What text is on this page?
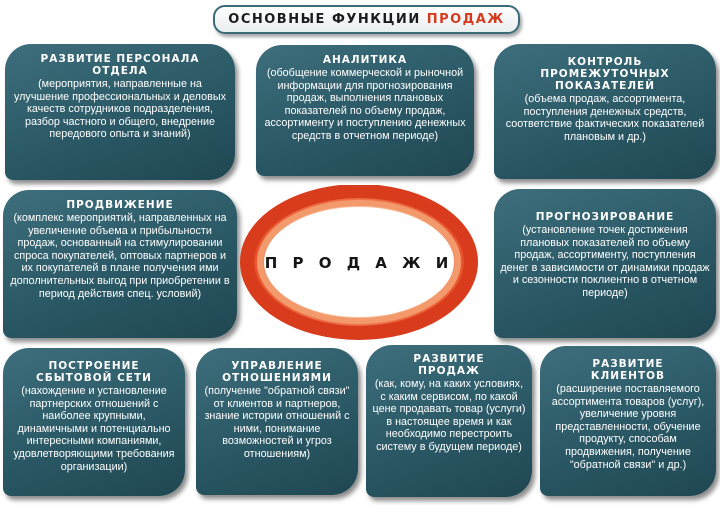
ОСНОВНЫЕ ФУНКЦИИ ПРОДАЖ
РАЗВИТИЕ ПЕРСОНАЛА
ОТДЕЛА

(мероприятия, направленные на улучшение профессиональных и деловых качеств сотрудников подразделения, разбор частного и общего, внедрение передового опыта и знаний)

АНАЛИТИКА

(обобщение коммерческой и рыночной информации для прогнозирования продаж, выполнения плановых показателей по объему продаж, ассортименту и поступлению денежных средств в отчетном периоде)

КОНТРОЛЬ
ПРОМЕЖУТОЧНЫХ
ПОКАЗАТЕЛЕЙ

(объема продаж, ассортимента, поступления денежных средств, соответствие фактических показателей плановым и др.)

ПРОДВИЖЕНИЕ

(комплекс мероприятий, направленных на увеличение объема и прибыльности продаж, основанный на стимулировании спроса покупателей, оптовых партнеров и их покупателей в плане получения ими дополнительных выгод при приобретении в период действия спец. условий)

П Р О Д А Ж И
ПРОГНОЗИРОВАНИЕ

(установление точек достижения плановых показателей по объему продаж, ассортименту, поступления денег в зависимости от динамики продаж и сезонности поклиентно в отчетном периоде)

ПОСТРОЕНИЕ
СБЫТОВОЙ СЕТИ

(нахождение и установление партнерских отношений с наиболее крупными, динамичными и потенциально интересными компаниями, удовлетворяющими требования организации)

УПРАВЛЕНИЕ
ОТНОШЕНИЯМИ

(получение "обратной связи" от клиентов и партнеров, знание истории отношений с ними, понимание возможностей и угроз отношениям)

РАЗВИТИЕ
ПРОДАЖ

(как, кому, на каких условиях, с каким сервисом, по какой цене продавать товар (услуги) в настоящее время и как необходимо перестроить систему в будущем периоде)

РАЗВИТИЕ
КЛИЕНТОВ

(расширение поставляемого ассортимента товаров (услуг), увеличение уровня представленности, обучение продукту, способам продвижения, получение "обратной связи" и др.)
